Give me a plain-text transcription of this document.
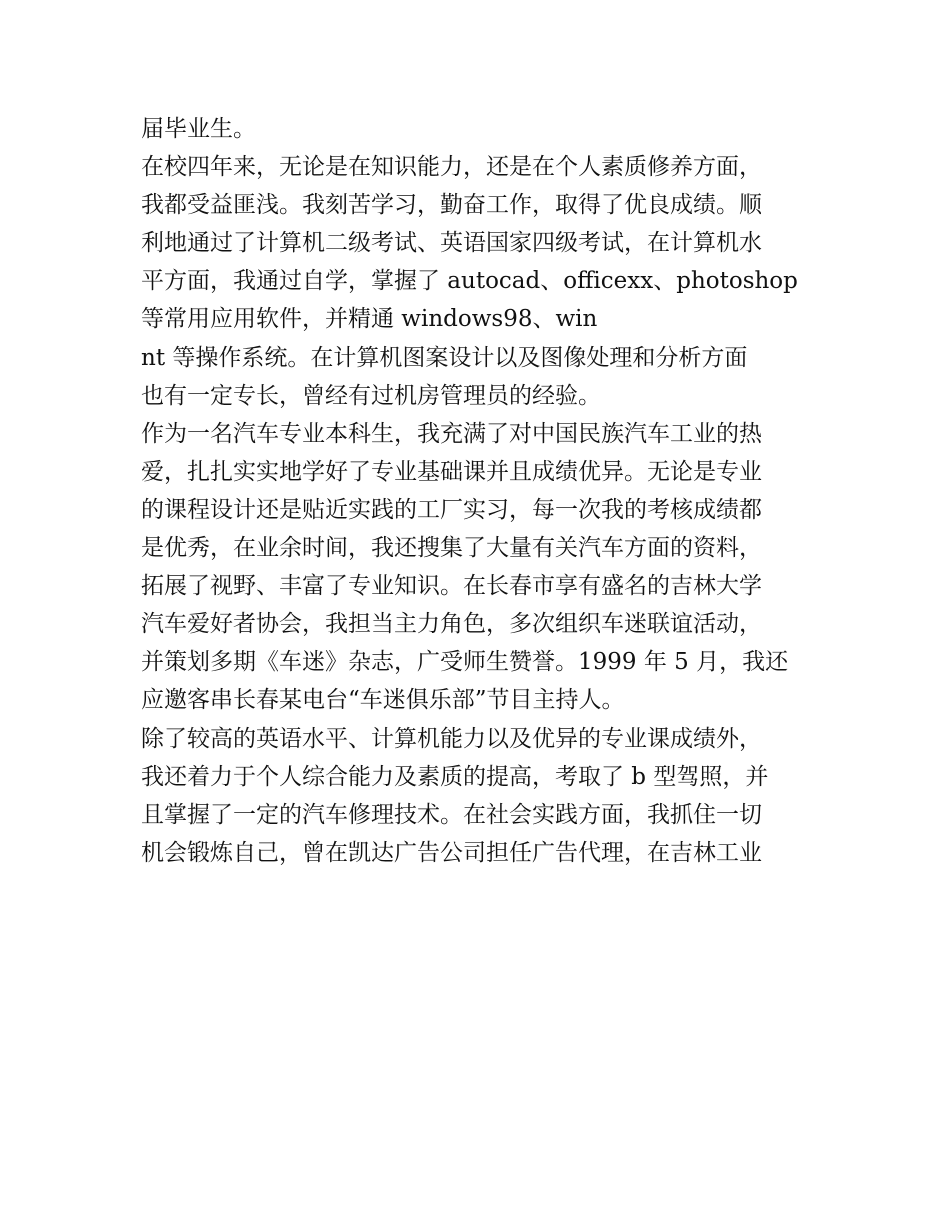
届毕业生。
在校四年来，无论是在知识能力，还是在个人素质修养方面，
我都受益匪浅。我刻苦学习，勤奋工作，取得了优良成绩。顺
利地通过了计算机二级考试、英语国家四级考试，在计算机水
平方面，我通过自学，掌握了 autocad、officexx、photoshop
等常用应用软件，并精通 windows98、win
nt 等操作系统。在计算机图案设计以及图像处理和分析方面
也有一定专长，曾经有过机房管理员的经验。
作为一名汽车专业本科生，我充满了对中国民族汽车工业的热
爱，扎扎实实地学好了专业基础课并且成绩优异。无论是专业
的课程设计还是贴近实践的工厂实习，每一次我的考核成绩都
是优秀，在业余时间，我还搜集了大量有关汽车方面的资料，
拓展了视野、丰富了专业知识。在长春市享有盛名的吉林大学
汽车爱好者协会，我担当主力角色，多次组织车迷联谊活动，
并策划多期《车迷》杂志，广受师生赞誉。1999 年 5 月，我还
应邀客串长春某电台“车迷俱乐部”节目主持人。
除了较高的英语水平、计算机能力以及优异的专业课成绩外，
我还着力于个人综合能力及素质的提高，考取了 b 型驾照，并
且掌握了一定的汽车修理技术。在社会实践方面，我抓住一切
机会锻炼自己，曾在凯达广告公司担任广告代理，在吉林工业
